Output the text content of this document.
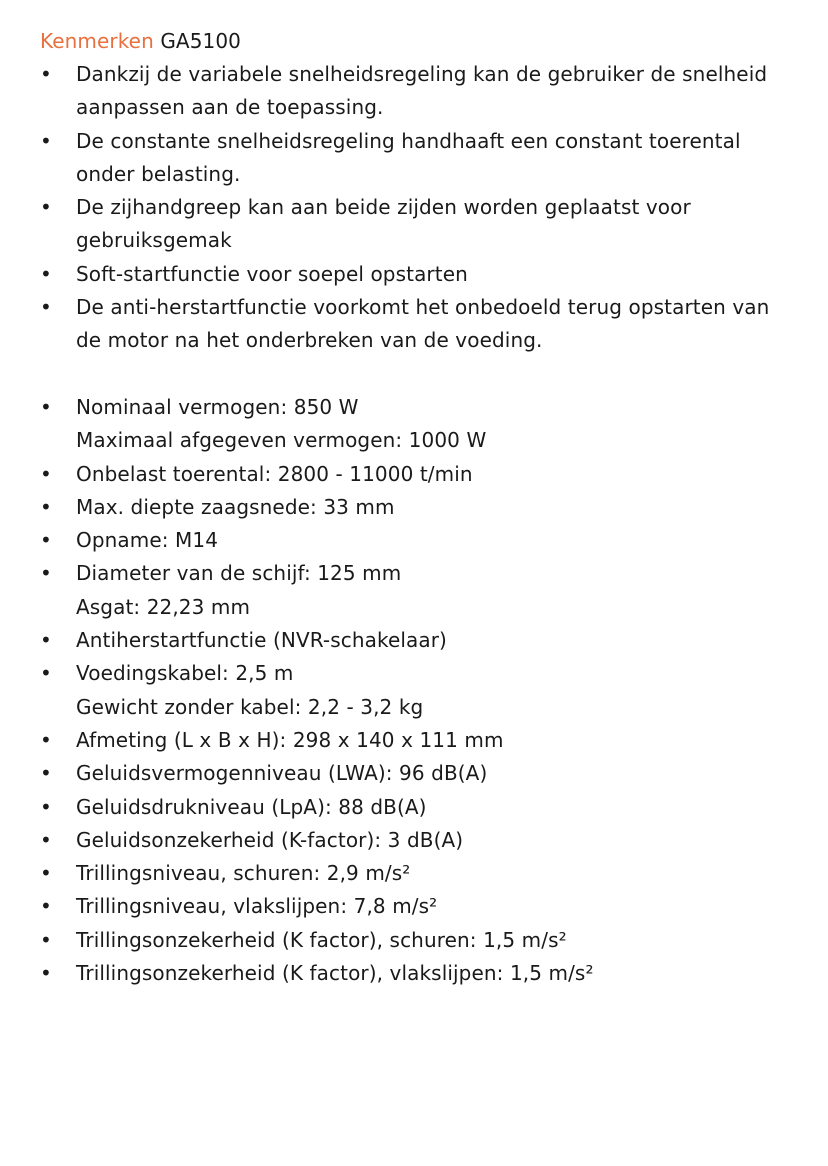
Kenmerken GA5100
• Dankzij de variabele snelheidsregeling kan de gebruiker de snelheid aanpassen aan de toepassing.
• De constante snelheidsregeling handhaaft een constant toerental onder belasting.
• De zijhandgreep kan aan beide zijden worden geplaatst voor gebruiksgemak
• Soft-startfunctie voor soepel opstarten
• De anti-herstartfunctie voorkomt het onbedoeld terug opstarten van de motor na het onderbreken van de voeding.
• Nominaal vermogen: 850 W
Maximaal afgegeven vermogen: 1000 W
• Onbelast toerental: 2800 - 11000 t/min
• Max. diepte zaagsnede: 33 mm
• Opname: M14
• Diameter van de schijf: 125 mm
Asgat: 22,23 mm
• Antiherstartfunctie (NVR-schakelaar)
• Voedingskabel: 2,5 m
Gewicht zonder kabel: 2,2 - 3,2 kg
• Afmeting (L x B x H): 298 x 140 x 111 mm
• Geluidsvermogenniveau (LWA): 96 dB(A)
• Geluidsdrukniveau (LpA): 88 dB(A)
• Geluidsonzekerheid (K-factor): 3 dB(A)
• Trillingsniveau, schuren: 2,9 m/s²
• Trillingsniveau, vlakslijpen: 7,8 m/s²
• Trillingsonzekerheid (K factor), schuren: 1,5 m/s²
• Trillingsonzekerheid (K factor), vlakslijpen: 1,5 m/s²
